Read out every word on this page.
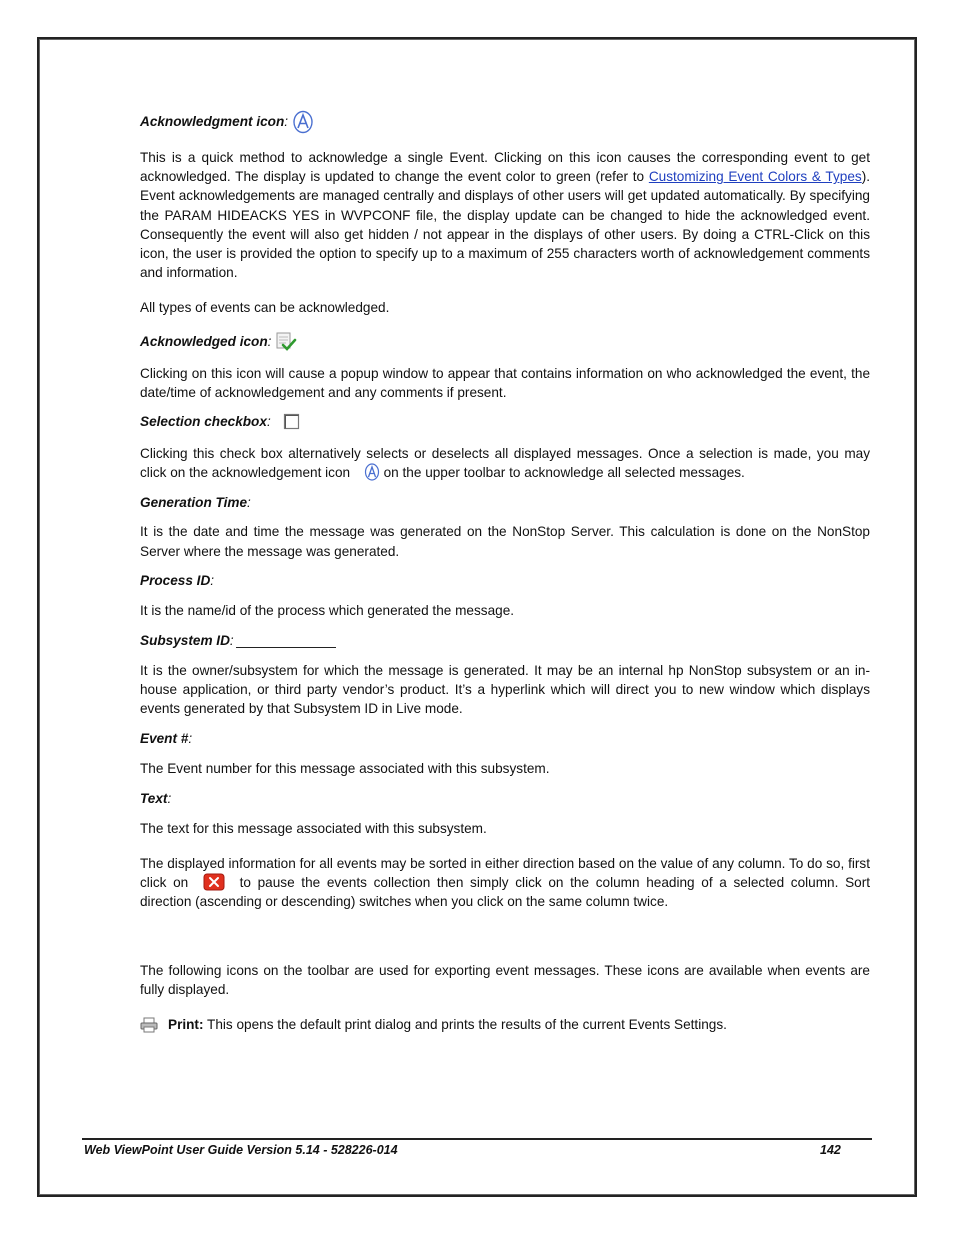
Acknowledgment icon :

This is a quick method to acknowledge a single Event. Clicking on this icon causes the corresponding event to get acknowledged. The display is updated to change the event color to green (refer to Customizing Event Colors & Types). Event acknowledgements are managed centrally and displays of other users will get updated automatically. By specifying the PARAM HIDEACKS YES in WVPCONF file, the display update can be changed to hide the acknowledged event. Consequently the event will also get hidden / not appear in the displays of other users. By doing a CTRL-Click on this icon, the user is provided the option to specify up to a maximum of 255 characters worth of acknowledgement comments and information.

All types of events can be acknowledged.

Acknowledged icon :

Clicking on this icon will cause a popup window to appear that contains information on who acknowledged the event, the date/time of acknowledgement and any comments if present.

Selection checkbox :

Clicking this check box alternatively selects or deselects all displayed messages. Once a selection is made, you may click on the acknowledgement icon  on the upper toolbar to acknowledge all selected messages.

Generation Time :

It is the date and time the message was generated on the NonStop Server. This calculation is done on the NonStop Server where the message was generated.

Process ID :

It is the name/id of the process which generated the message.

Subsystem ID :

It is the owner/subsystem for which the message is generated. It may be an internal hp NonStop subsystem or an in-house application, or third party vendor’s product. It’s a hyperlink which will direct you to new window which displays events generated by that Subsystem ID in Live mode.

Event # :

The Event number for this message associated with this subsystem.

Text :

The text for this message associated with this subsystem.

The displayed information for all events may be sorted in either direction based on the value of any column. To do so, first click on	to pause the events collection then simply click on the column heading of a selected column. Sort direction (ascending or descending) switches when you click on the same column twice.

The following icons on the toolbar are used for exporting event messages. These icons are available when events are fully displayed.

Print: This opens the default print dialog and prints the results of the current Events Settings.

Web ViewPoint User Guide Version 5.14 - 528226-014	142
